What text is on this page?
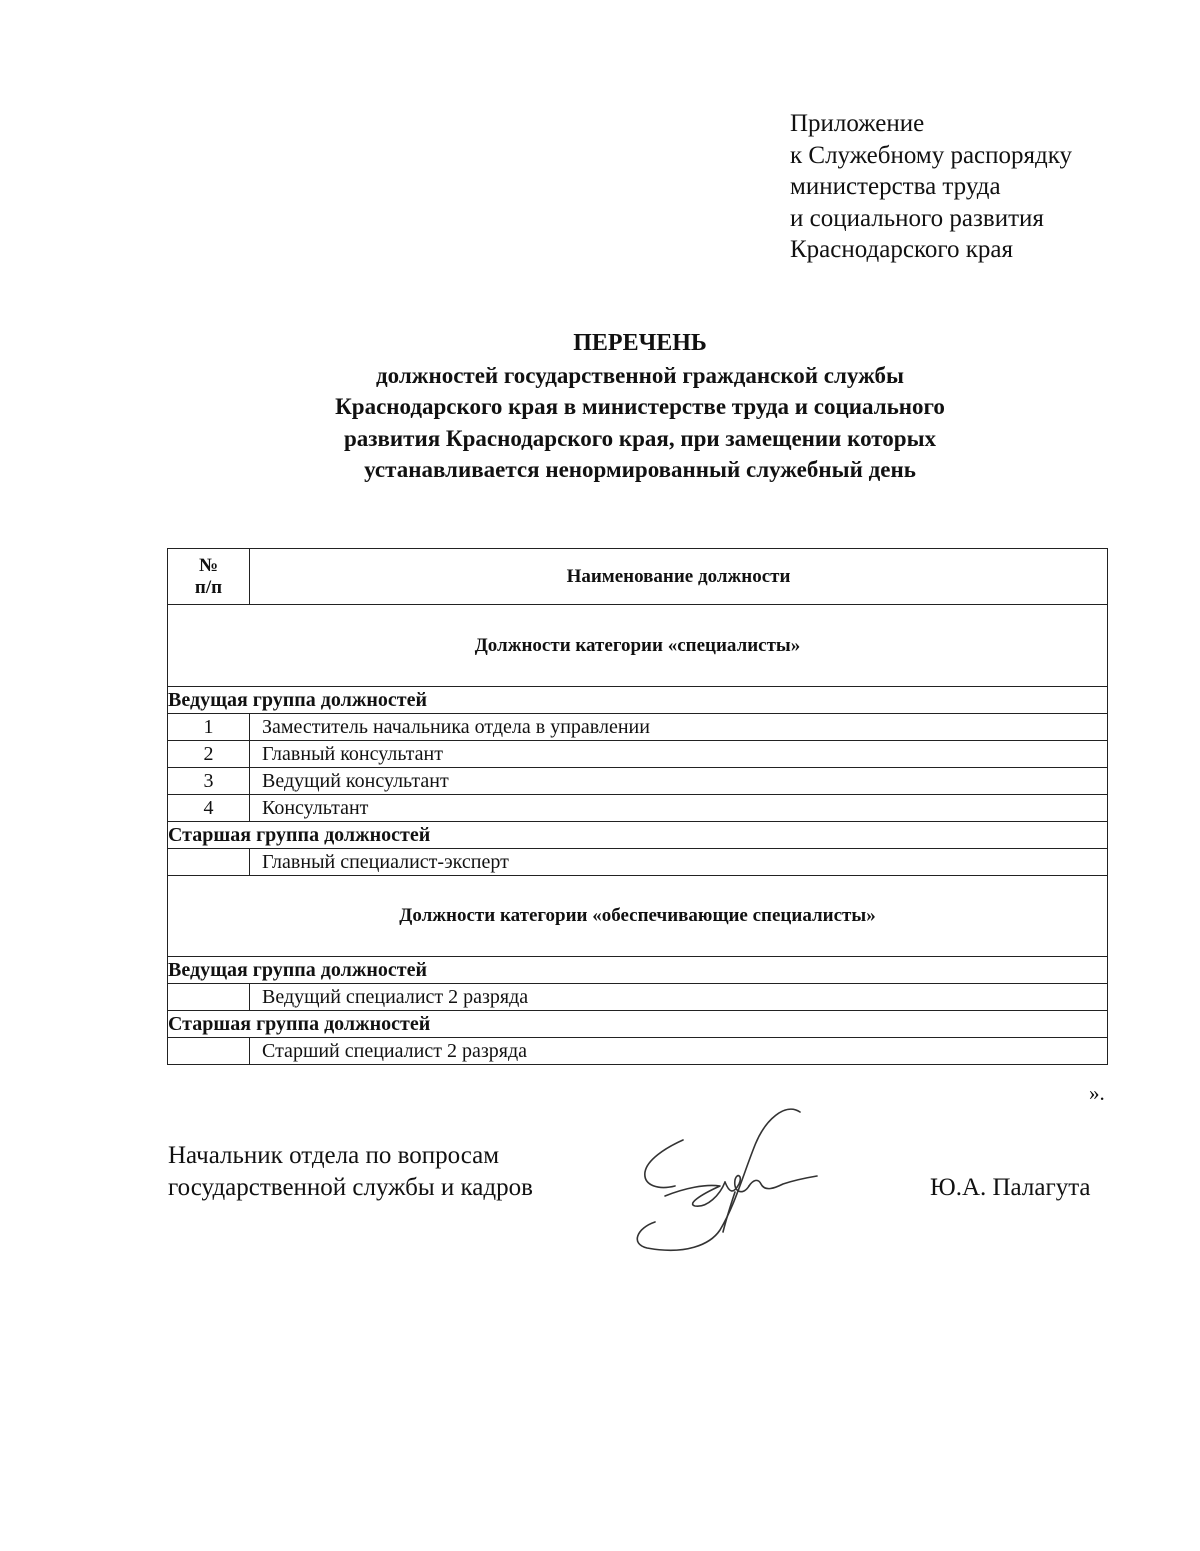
Приложение
к Служебному распорядку
министерства труда
и социального развития
Краснодарского края
ПЕРЕЧЕНЬ
должностей государственной гражданской службы
Краснодарского края в министерстве труда и социального
развития Краснодарского края, при замещении которых
устанавливается ненормированный служебный день
№
п/п	Наименование должности
Должности категории «специалисты»	
Ведущая группа должностей	
1	Заместитель начальника отдела в управлении
2	Главный консультант
3	Ведущий консультант
4	Консультант
Старшая группа должностей	
	Главный специалист-эксперт
Должности категории «обеспечивающие специалисты»	
Ведущая группа должностей	
	Ведущий специалист 2 разряда
Старшая группа должностей	
	Старший специалист 2 разряда
».
Начальник отдела по вопросам
государственной службы и кадров	Ю.А. Палагута
